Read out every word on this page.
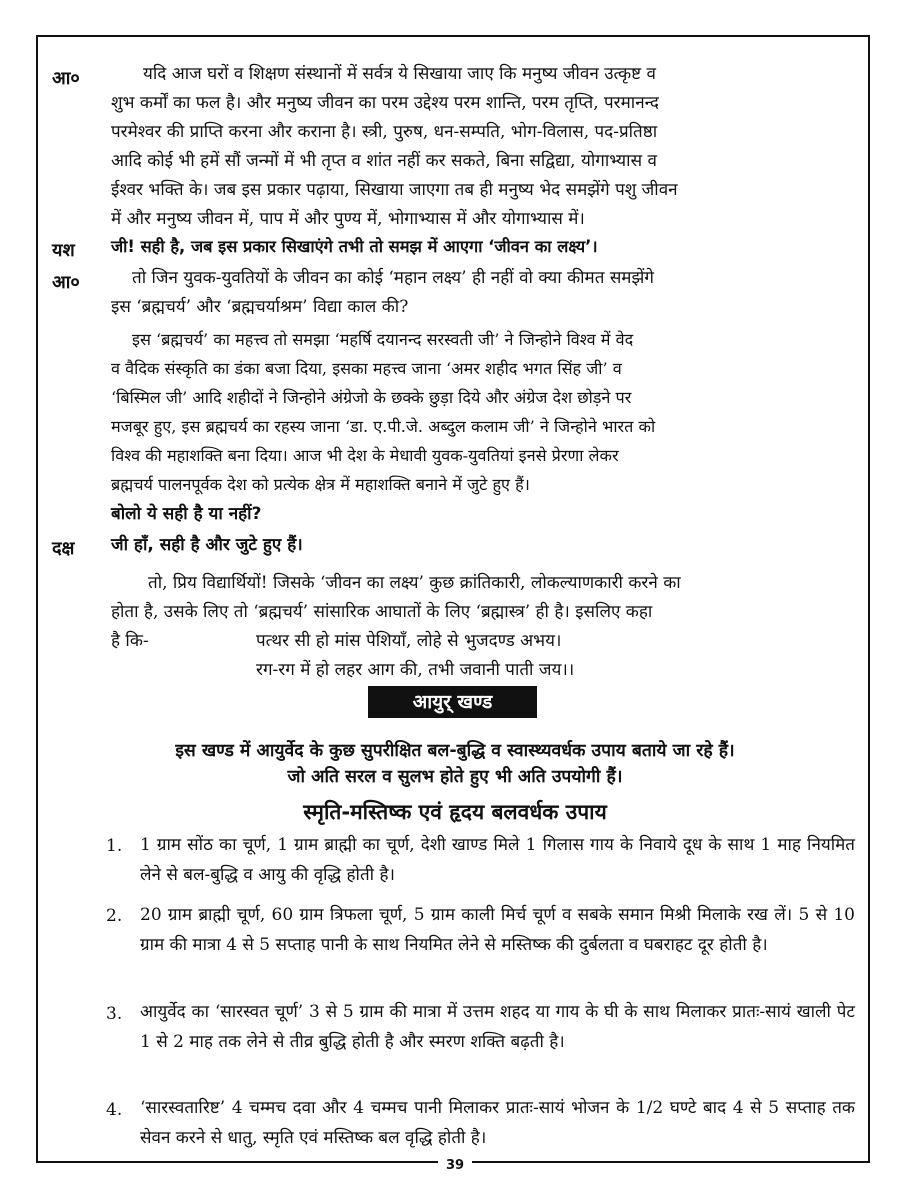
आ०	यदि आज घरों व शिक्षण संस्थानों में सर्वत्र ये सिखाया जाए कि मनुष्य जीवन उत्कृष्ट व
शुभ कर्मों का फल है। और मनुष्य जीवन का परम उद्देश्य परम शान्ति, परम तृप्ति, परमानन्द
परमेश्वर की प्राप्ति करना और कराना है। स्त्री, पुरुष, धन-सम्पति, भोग-विलास, पद-प्रतिष्ठा
आदि कोई भी हमें सौं जन्मों में भी तृप्त व शांत नहीं कर सकते, बिना सद्विद्या, योगाभ्यास व
ईश्वर भक्ति के। जब इस प्रकार पढ़ाया, सिखाया जाएगा तब ही मनुष्य भेद समझेंगे पशु जीवन
में और मनुष्य जीवन में, पाप में और पुण्य में, भोगाभ्यास में और योगाभ्यास में।
यश जी! सही है, जब इस प्रकार सिखाएंगे तभी तो समझ में आएगा ‘जीवन का लक्ष्य’।
आ०	तो जिन युवक-युवतियों के जीवन का कोई ‘महान लक्ष्य’ ही नहीं वो क्या कीमत समझेंगे
इस ‘ब्रह्मचर्य’ और ‘ब्रह्मचर्याश्रम’ विद्या काल की?
इस ‘ब्रह्मचर्य’ का महत्त्व तो समझा ‘महर्षि दयानन्द सरस्वती जी’ ने जिन्होने विश्व में वेद
व वैदिक संस्कृति का डंका बजा दिया, इसका महत्त्व जाना ‘अमर शहीद भगत सिंह जी’ व
‘बिस्मिल जी’ आदि शहीदों ने जिन्होने अंग्रेजो के छक्के छुड़ा दिये और अंग्रेज देश छोड़ने पर
मजबूर हुए, इस ब्रह्मचर्य का रहस्य जाना ‘डा. ए.पी.जे. अब्दुल कलाम जी’ ने जिन्होने भारत को
विश्व की महाशक्ति बना दिया। आज भी देश के मेधावी युवक-युवतियां इनसे प्रेरणा लेकर
ब्रह्मचर्य पालनपूर्वक देश को प्रत्येक क्षेत्र में महाशक्ति बनाने में जुटे हुए हैं।
बोलो ये सही है या नहीं?
दक्ष जी हाँ, सही है और जुटे हुए हैं।
तो, प्रिय विद्यार्थियों! जिसके ‘जीवन का लक्ष्य’ कुछ क्रांतिकारी, लोकल्याणकारी करने का
होता है, उसके लिए तो ‘ब्रह्मचर्य’ सांसारिक आघातों के लिए ‘ब्रह्मास्त्र’ ही है। इसलिए कहा
है कि-	पत्थर सी हो मांस पेशियाँ, लोहे से भुजदण्ड अभय।
रग-रग में हो लहर आग की, तभी जवानी पाती जय।।
आयुर् खण्ड
इस खण्ड में आयुर्वेद के कुछ सुपरीक्षित बल-बुद्धि व स्वास्थ्यवर्धक उपाय बताये जा रहे हैं।
जो अति सरल व सुलभ होते हुए भी अति उपयोगी हैं।
स्मृति-मस्तिष्क एवं हृदय बलवर्धक उपाय
1. 1 ग्राम सोंठ का चूर्ण, 1 ग्राम ब्राह्मी का चूर्ण, देशी खाण्ड मिले 1 गिलास गाय के निवाये दूध के साथ 1 माह नियमित लेने से बल-बुद्धि व आयु की वृद्धि होती है।
2. 20 ग्राम ब्राह्मी चूर्ण, 60 ग्राम त्रिफला चूर्ण, 5 ग्राम काली मिर्च चूर्ण व सबके समान मिश्री मिलाके रख लें। 5 से 10 ग्राम की मात्रा 4 से 5 सप्ताह पानी के साथ नियमित लेने से मस्तिष्क की दुर्बलता व घबराहट दूर होती है।
3. आयुर्वेद का ‘सारस्वत चूर्ण’ 3 से 5 ग्राम की मात्रा में उत्तम शहद या गाय के घी के साथ मिलाकर प्रातः-सायं खाली पेट 1 से 2 माह तक लेने से तीव्र बुद्धि होती है और स्मरण शक्ति बढ़ती है।
4. ‘सारस्वतारिष्ट’ 4 चम्मच दवा और 4 चम्मच पानी मिलाकर प्रातः-सायं भोजन के 1/2 घण्टे बाद 4 से 5 सप्ताह तक सेवन करने से धातु, स्मृति एवं मस्तिष्क बल वृद्धि होती है।
39
